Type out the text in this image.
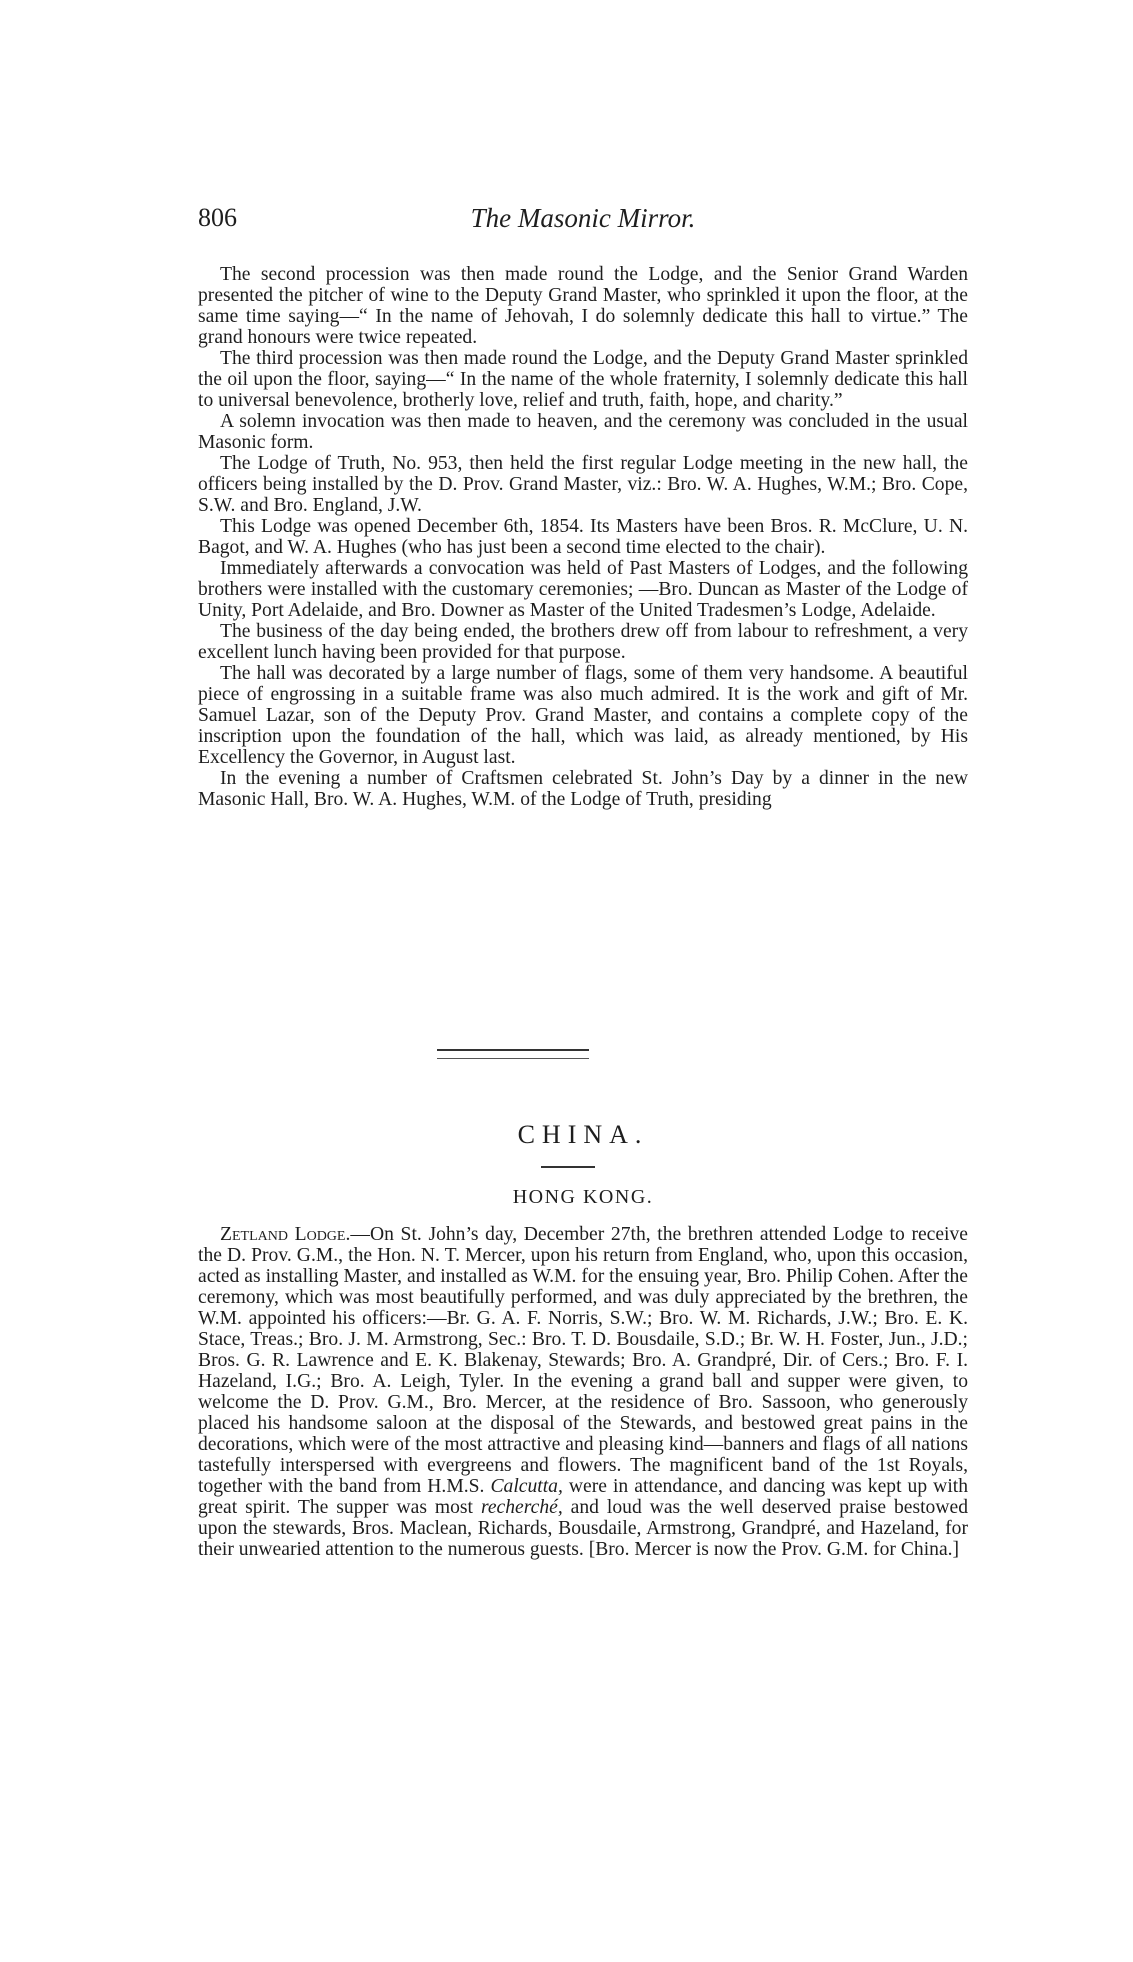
806	The Masonic Mirror.

The second procession was then made round the Lodge, and the Senior Grand Warden presented the pitcher of wine to the Deputy Grand Master, who sprinkled it upon the floor, at the same time saying—“ In the name of Jehovah, I do solemnly dedicate this hall to virtue.” The grand honours were twice repeated.

The third procession was then made round the Lodge, and the Deputy Grand Master sprinkled the oil upon the floor, saying—“ In the name of the whole fraternity, I solemnly dedicate this hall to universal benevolence, brotherly love, relief and truth, faith, hope, and charity.”

A solemn invocation was then made to heaven, and the ceremony was concluded in the usual Masonic form.

The Lodge of Truth, No. 953, then held the first regular Lodge meeting in the new hall, the officers being installed by the D. Prov. Grand Master, viz.: Bro. W. A. Hughes, W.M.; Bro. Cope, S.W. and Bro. England, J.W.

This Lodge was opened December 6th, 1854. Its Masters have been Bros. R. McClure, U. N. Bagot, and W. A. Hughes (who has just been a second time elected to the chair).

Immediately afterwards a convocation was held of Past Masters of Lodges, and the following brothers were installed with the customary ceremonies; —Bro. Duncan as Master of the Lodge of Unity, Port Adelaide, and Bro. Downer as Master of the United Tradesmen’s Lodge, Adelaide.

The business of the day being ended, the brothers drew off from labour to refreshment, a very excellent lunch having been provided for that purpose.

The hall was decorated by a large number of flags, some of them very handsome. A beautiful piece of engrossing in a suitable frame was also much admired. It is the work and gift of Mr. Samuel Lazar, son of the Deputy Prov. Grand Master, and contains a complete copy of the inscription upon the foundation of the hall, which was laid, as already mentioned, by His Excellency the Governor, in August last.

In the evening a number of Craftsmen celebrated St. John’s Day by a dinner in the new Masonic Hall, Bro. W. A. Hughes, W.M. of the Lodge of Truth, presiding

CHINA.
HONG KONG.

Zetland Lodge.—On St. John’s day, December 27th, the brethren attended Lodge to receive the D. Prov. G.M., the Hon. N. T. Mercer, upon his return from England, who, upon this occasion, acted as installing Master, and installed as W.M. for the ensuing year, Bro. Philip Cohen. After the ceremony, which was most beautifully performed, and was duly appreciated by the brethren, the W.M. appointed his officers:—Br. G. A. F. Norris, S.W.; Bro. W. M. Richards, J.W.; Bro. E. K. Stace, Treas.; Bro. J. M. Armstrong, Sec.: Bro. T. D. Bousdaile, S.D.; Br. W. H. Foster, Jun., J.D.; Bros. G. R. Lawrence and E. K. Blakenay, Stewards; Bro. A. Grandpré, Dir. of Cers.; Bro. F. I. Hazeland, I.G.; Bro. A. Leigh, Tyler. In the evening a grand ball and supper were given, to welcome the D. Prov. G.M., Bro. Mercer, at the residence of Bro. Sassoon, who generously placed his handsome saloon at the disposal of the Stewards, and bestowed great pains in the decorations, which were of the most attractive and pleasing kind—banners and flags of all nations tastefully interspersed with evergreens and flowers. The magnificent band of the 1st Royals, together with the band from H.M.S. Calcutta, were in attendance, and dancing was kept up with great spirit. The supper was most recherché, and loud was the well deserved praise bestowed upon the stewards, Bros. Maclean, Richards, Bousdaile, Armstrong, Grandpré, and Hazeland, for their unwearied attention to the numerous guests. [Bro. Mercer is now the Prov. G.M. for China.]
